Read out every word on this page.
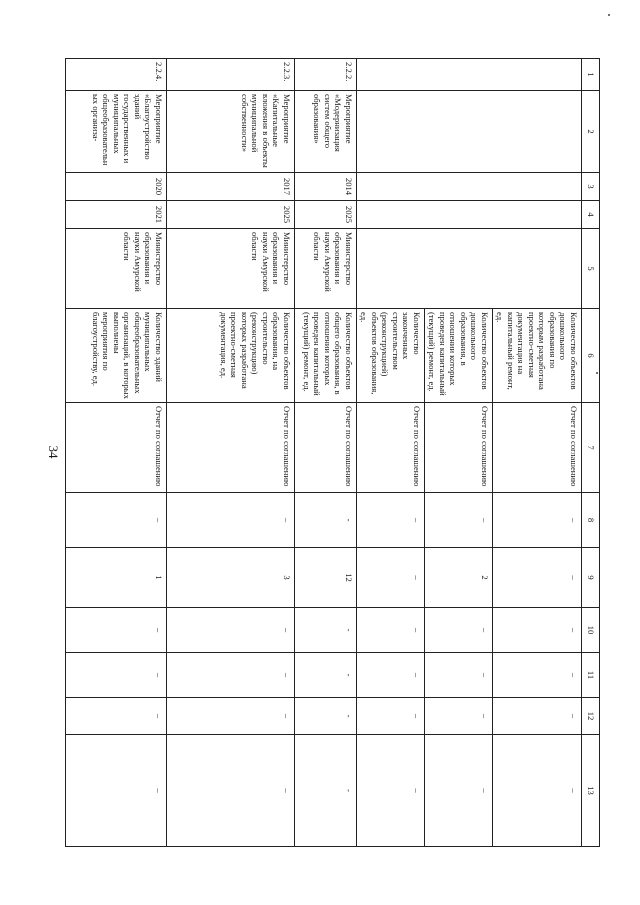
34
1	2	3	4	5	6	7	8	9	10	11	12	13
					Количество объектов дошкольного образования по которым разработана проектно-сметная документация на капитальный ремонт, ед.	Отчет по соглашению	–	–	–	–	–	–
					Количество объектов дошкольного образования, в отношении которых проведен капитальный (текущий) ремонт, ед.	Отчет по соглашению	–	2	–	–	–	–
					Количество законченных строительством (реконструкцией) объектов образования, ед.	Отчет по соглашению	–	–	–	–	–	–
2.2.2.	Мероприятие «Модернизация систем общего образования»	2014	2025	Министерство образования и науки Амурской области	Количество объектов общего образования, в отношении которых проведен капитальный (текущий) ремонт, ед.	Отчет по соглашению	-	12	-	-	-	-
2.2.3.	Мероприятие «Капитальные вложения в объекты муниципальной собственности»	2017	2025	Министерство образования и науки Амурской области	Количество объектов образования, на строительство (реконструкцию) которых разработана проектно-сметная документация, ед.	Отчет по соглашению	–	3	–	–	–	–
2.2.4.	Мероприятие «Благоустройство зданий государственных и муниципальных общеобразовательных организа-	2020	2021	Министерство образования и науки Амурской области	Количество зданий муниципальных общеобразовательных организаций, в которых выполнены мероприятия по благоустройству, ед.	Отчет по соглашению	–	1	–	–	–	–
